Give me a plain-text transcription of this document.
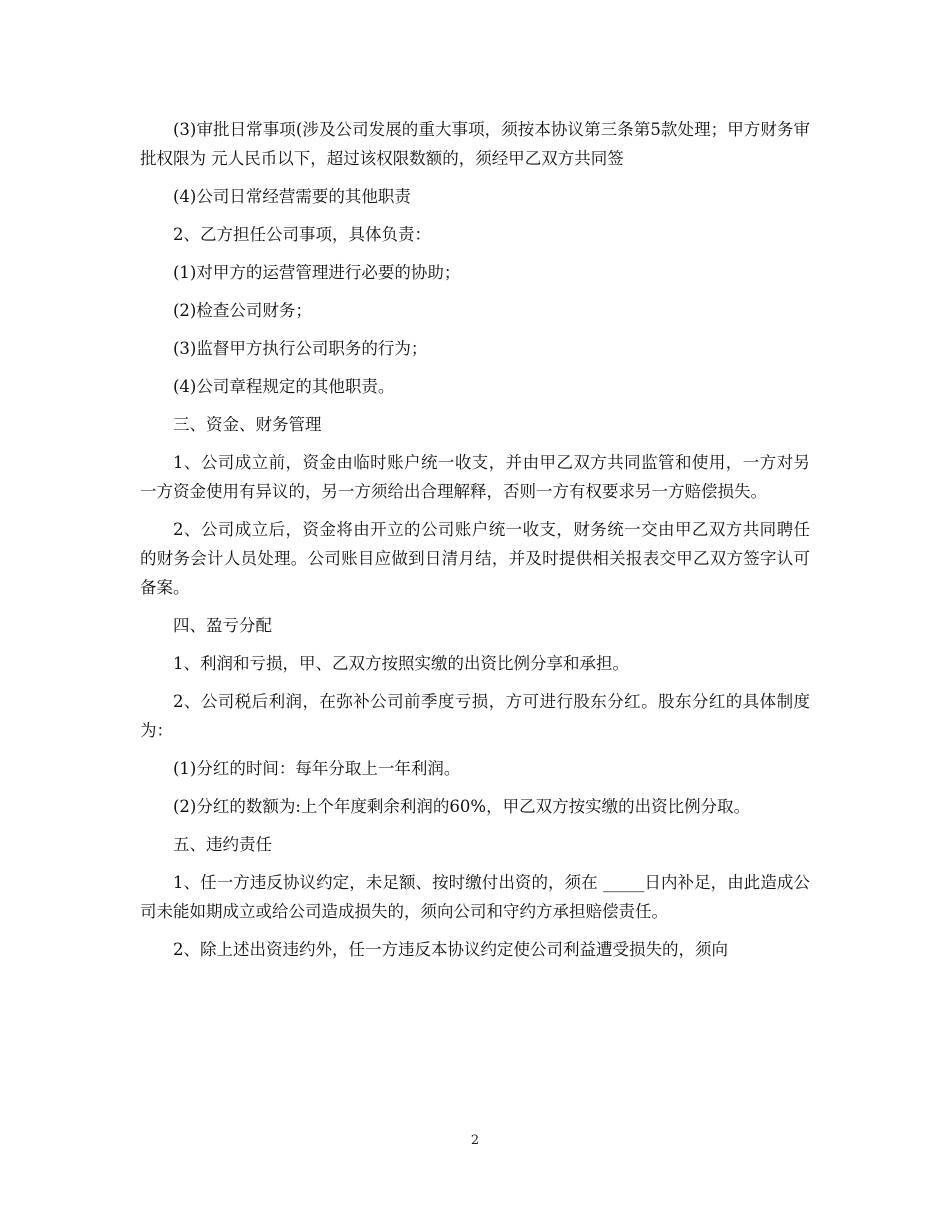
(3)审批日常事项(涉及公司发展的重大事项，须按本协议第三条第5款处理；甲方财务审批权限为 元人民币以下，超过该权限数额的，须经甲乙双方共同签

(4)公司日常经营需要的其他职责

2、乙方担任公司事项，具体负责：

(1)对甲方的运营管理进行必要的协助；

(2)检查公司财务；

(3)监督甲方执行公司职务的行为；

(4)公司章程规定的其他职责。

三、资金、财务管理

1、公司成立前，资金由临时账户统一收支，并由甲乙双方共同监管和使用，一方对另一方资金使用有异议的，另一方须给出合理解释，否则一方有权要求另一方赔偿损失。

2、公司成立后，资金将由开立的公司账户统一收支，财务统一交由甲乙双方共同聘任的财务会计人员处理。公司账目应做到日清月结，并及时提供相关报表交甲乙双方签字认可备案。

四、盈亏分配

1、利润和亏损，甲、乙双方按照实缴的出资比例分享和承担。

2、公司税后利润，在弥补公司前季度亏损，方可进行股东分红。股东分红的具体制度为：

(1)分红的时间：每年分取上一年利润。

(2)分红的数额为:上个年度剩余利润的60%，甲乙双方按实缴的出资比例分取。

五、违约责任

1、任一方违反协议约定，未足额、按时缴付出资的，须在 _____日内补足，由此造成公司未能如期成立或给公司造成损失的，须向公司和守约方承担赔偿责任。

2、除上述出资违约外，任一方违反本协议约定使公司利益遭受损失的，须向

2
